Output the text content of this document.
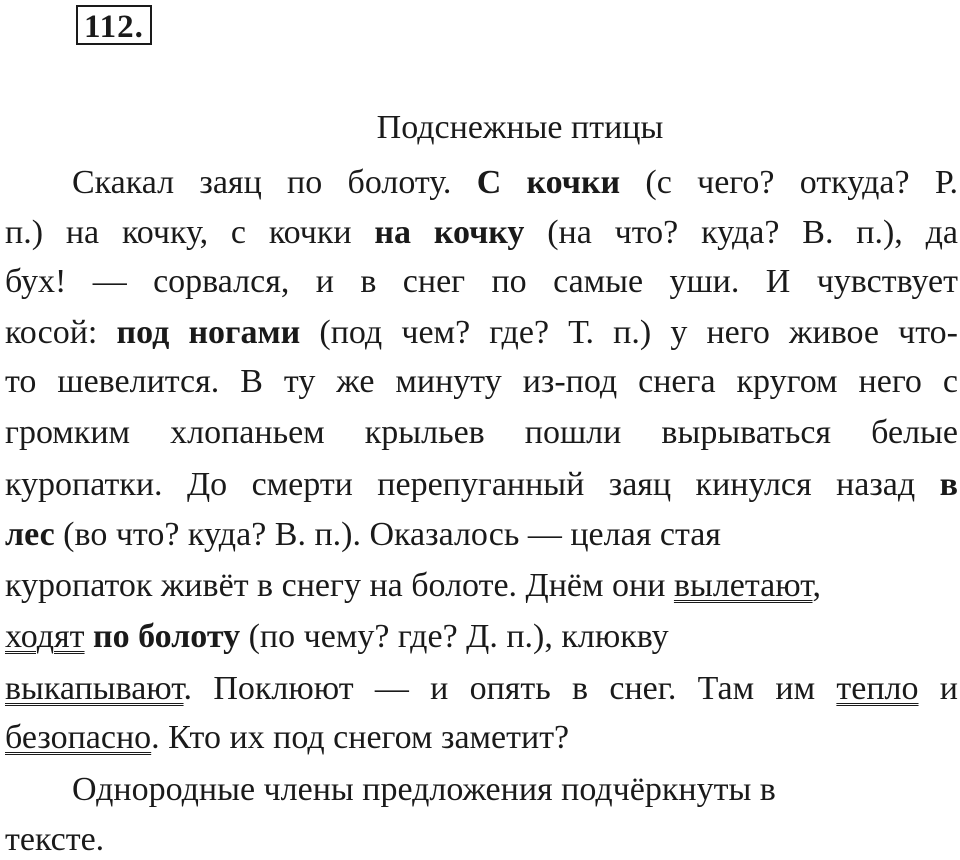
112.
Подснежные птицы
Скакал заяц по болоту. С кочки (с чего? откуда? Р.
п.) на кочку, с кочки на кочку (на что? куда? В. п.), да
бух! — сорвался, и в снег по самые уши. И чувствует
косой: под ногами (под чем? где? Т. п.) у него живое что-
то шевелится. В ту же минуту из-под снега кругом него с
громким хлопаньем крыльев пошли вырываться белые
куропатки. До смерти перепуганный заяц кинулся назад в
лес (во что? куда? В. п.). Оказалось — целая стая
куропаток живёт в снегу на болоте. Днём они вылетают,
ходят по болоту (по чему? где? Д. п.), клюкву
выкапывают. Поклюют — и опять в снег. Там им тепло и
безопасно. Кто их под снегом заметит?
Однородные члены предложения подчёркнуты в
тексте.
